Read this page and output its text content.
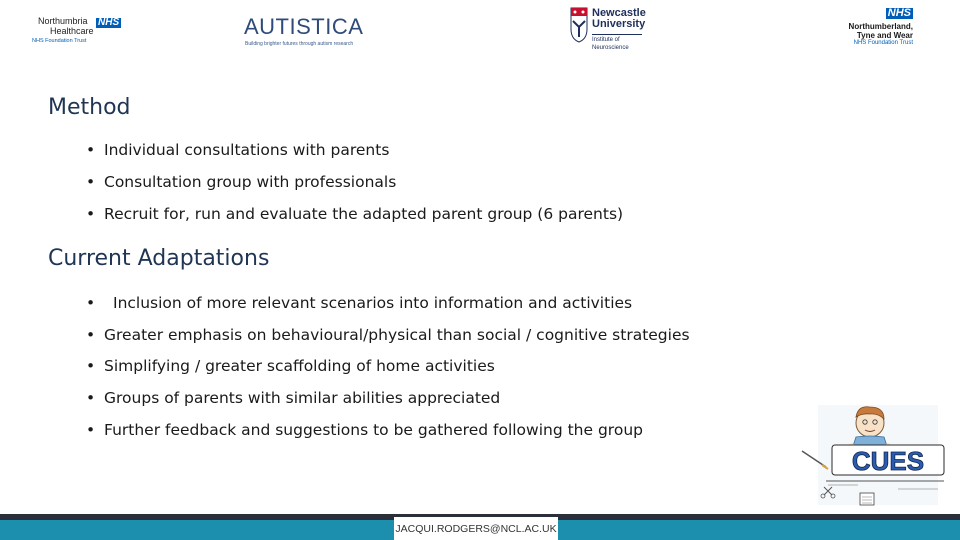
Northumbria
Healthcare
NHS
NHS Foundation Trust
AUTISTICA
Building brighter futures through autism research
Newcastle
University
Institute of
Neuroscience
NHS
Northumberland,
Tyne and Wear
NHS Foundation Trust
Method
• Individual consultations with parents
• Consultation group with professionals
• Recruit for, run and evaluate the adapted parent group (6 parents)
Current Adaptations
• Inclusion of more relevant scenarios into information and activities
• Greater emphasis on behavioural/physical than social / cognitive strategies
• Simplifying / greater scaffolding of home activities
• Groups of parents with similar abilities appreciated
• Further feedback and suggestions to be gathered following the group
CUES
JACQUI.RODGERS@NCL.AC.UK
